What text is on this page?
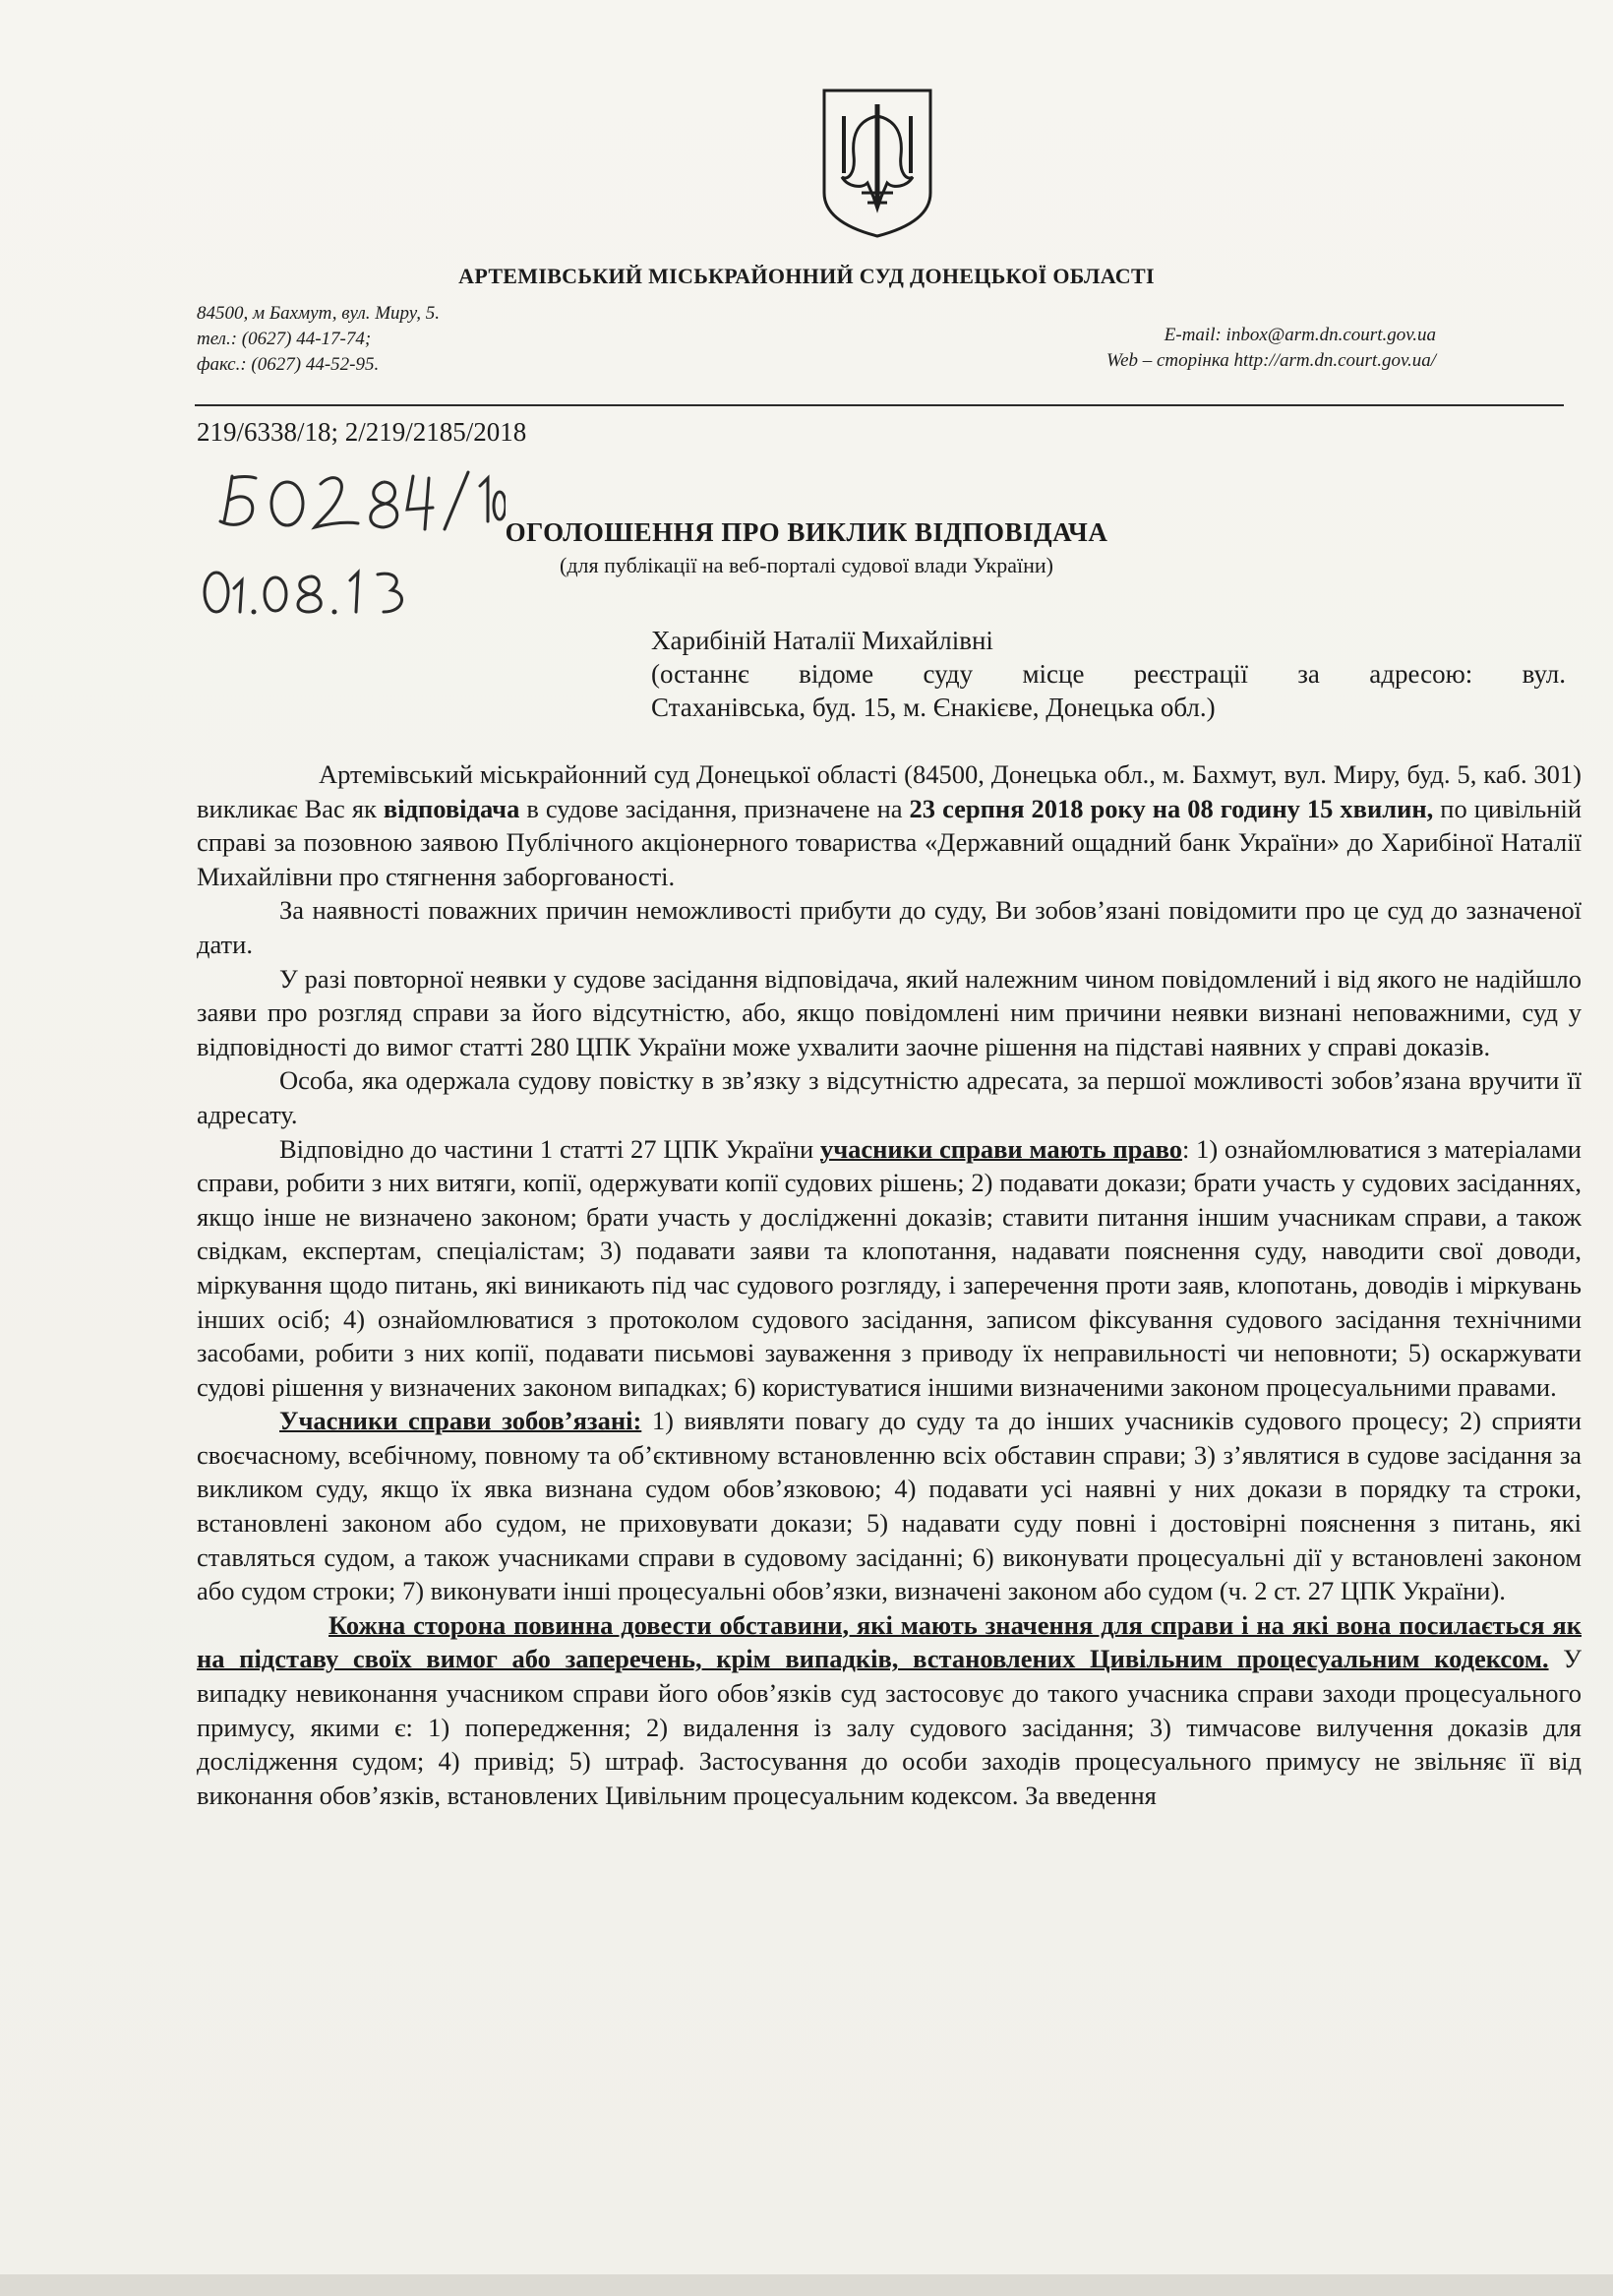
АРТЕМІВСЬКИЙ МІСЬКРАЙОННИЙ СУД ДОНЕЦЬКОЇ ОБЛАСТІ
84500, м Бахмут, вул. Миру, 5.
тел.: (0627) 44-17-74;
факс.: (0627) 44-52-95.
E-mail: inbox@arm.dn.court.gov.ua
Web – сторінка http://arm.dn.court.gov.ua/
219/6338/18; 2/219/2185/2018
ОГОЛОШЕННЯ ПРО ВИКЛИК ВІДПОВІДАЧА
(для публікації на веб-порталі судової влади України)
Харибіній Наталії Михайлівні
(останнє відоме суду місце реєстрації за адресою: вул.
Стаханівська, буд. 15, м. Єнакієве, Донецька обл.)

Артемівський міськрайонний суд Донецької області (84500, Донецька обл., м. Бахмут, вул. Миру, буд. 5, каб. 301) викликає Вас як відповідача в судове засідання, призначене на 23 серпня 2018 року на 08 годину 15 хвилин, по цивільній справі за позовною заявою Публічного акціонерного товариства «Державний ощадний банк України» до Харибіної Наталії Михайлівни про стягнення заборгованості.

За наявності поважних причин неможливості прибути до суду, Ви зобов’язані повідомити про це суд до зазначеної дати.

У разі повторної неявки у судове засідання відповідача, який належним чином повідомлений і від якого не надійшло заяви про розгляд справи за його відсутністю, або, якщо повідомлені ним причини неявки визнані неповажними, суд у відповідності до вимог статті 280 ЦПК України може ухвалити заочне рішення на підставі наявних у справі доказів.

Особа, яка одержала судову повістку в зв’язку з відсутністю адресата, за першої можливості зобов’язана вручити її адресату.

Відповідно до частини 1 статті 27 ЦПК України учасники справи мають право: 1) ознайомлюватися з матеріалами справи, робити з них витяги, копії, одержувати копії судових рішень; 2) подавати докази; брати участь у судових засіданнях, якщо інше не визначено законом; брати участь у дослідженні доказів; ставити питання іншим учасникам справи, а також свідкам, експертам, спеціалістам; 3) подавати заяви та клопотання, надавати пояснення суду, наводити свої доводи, міркування щодо питань, які виникають під час судового розгляду, і заперечення проти заяв, клопотань, доводів і міркувань інших осіб; 4) ознайомлюватися з протоколом судового засідання, записом фіксування судового засідання технічними засобами, робити з них копії, подавати письмові зауваження з приводу їх неправильності чи неповноти; 5) оскаржувати судові рішення у визначених законом випадках; 6) користуватися іншими визначеними законом процесуальними правами.

Учасники справи зобов’язані: 1) виявляти повагу до суду та до інших учасників судового процесу; 2) сприяти своєчасному, всебічному, повному та об’єктивному встановленню всіх обставин справи; 3) з’являтися в судове засідання за викликом суду, якщо їх явка визнана судом обов’язковою; 4) подавати усі наявні у них докази в порядку та строки, встановлені законом або судом, не приховувати докази; 5) надавати суду повні і достовірні пояснення з питань, які ставляться судом, а також учасниками справи в судовому засіданні; 6) виконувати процесуальні дії у встановлені законом або судом строки; 7) виконувати інші процесуальні обов’язки, визначені законом або судом (ч. 2 ст. 27 ЦПК України).

Кожна сторона повинна довести обставини, які мають значення для справи і на які вона посилається як на підставу своїх вимог або заперечень, крім випадків, встановлених Цивільним процесуальним кодексом. У випадку невиконання учасником справи його обов’язків суд застосовує до такого учасника справи заходи процесуального примусу, якими є: 1) попередження; 2) видалення із залу судового засідання; 3) тимчасове вилучення доказів для дослідження судом; 4) привід; 5) штраф. Застосування до особи заходів процесуального примусу не звільняє її від виконання обов’язків, встановлених Цивільним процесуальним кодексом. За введення
